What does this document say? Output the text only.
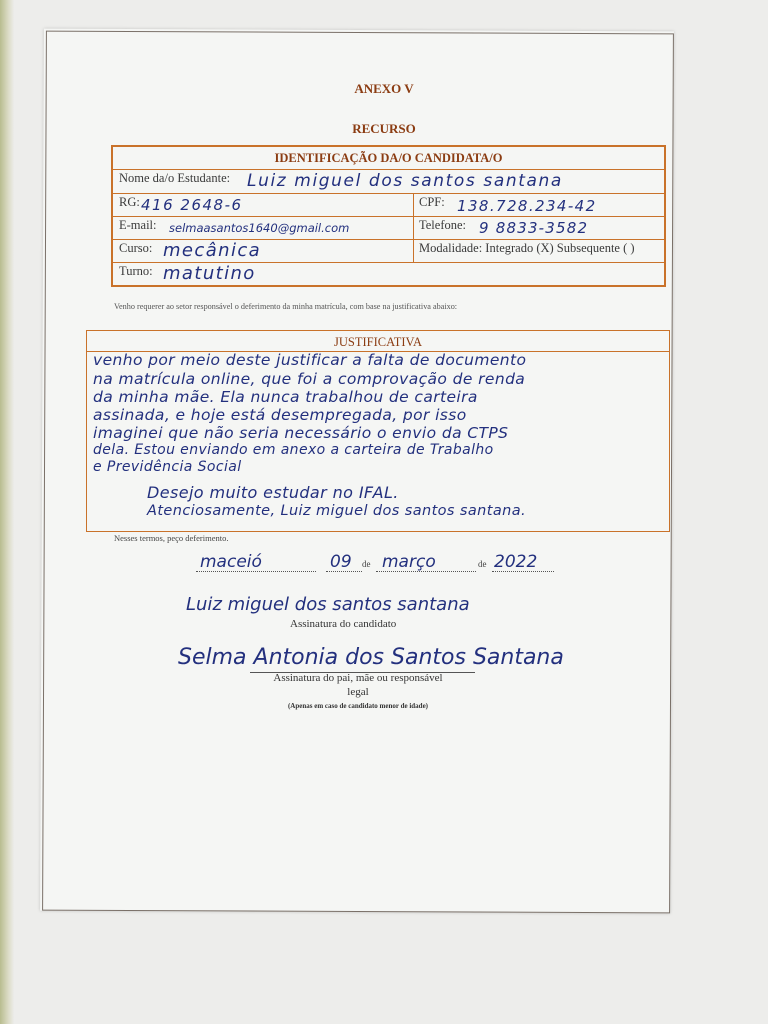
ANEXO V
RECURSO
IDENTIFICAÇÃO DA/O CANDIDATA/O
Nome da/o Estudante: Luiz miguel dos santos santana
RG: 416 2648-6	CPF: 138.728.234-42
E-mail: selmaasantos1640@gmail.com	Telefone: 9 8833-3582
Curso: mecânica	Modalidade: Integrado (X) Subsequente ( )
Turno: matutino
Venho requerer ao setor responsável o deferimento da minha matrícula, com base na justificativa abaixo:
JUSTIFICATIVA
venho por meio deste justificar a falta de documento
na matrícula online, que foi a comprovação de renda
da minha mãe. Ela nunca trabalhou de carteira
assinada, e hoje está desempregada, por isso
imaginei que não seria necessário o envio da CTPS
dela. Estou enviando em anexo a carteira de Trabalho
e Previdência Social
Desejo muito estudar no IFAL.
Atenciosamente, Luiz miguel dos santos santana.
Nesses termos, peço deferimento.
maceió	09 de março	de 2022
Luiz miguel dos santos santana
Assinatura do candidato
Selma Antonia dos Santos Santana
Assinatura do pai, mãe ou responsável
legal
(Apenas em caso de candidato menor de idade)
